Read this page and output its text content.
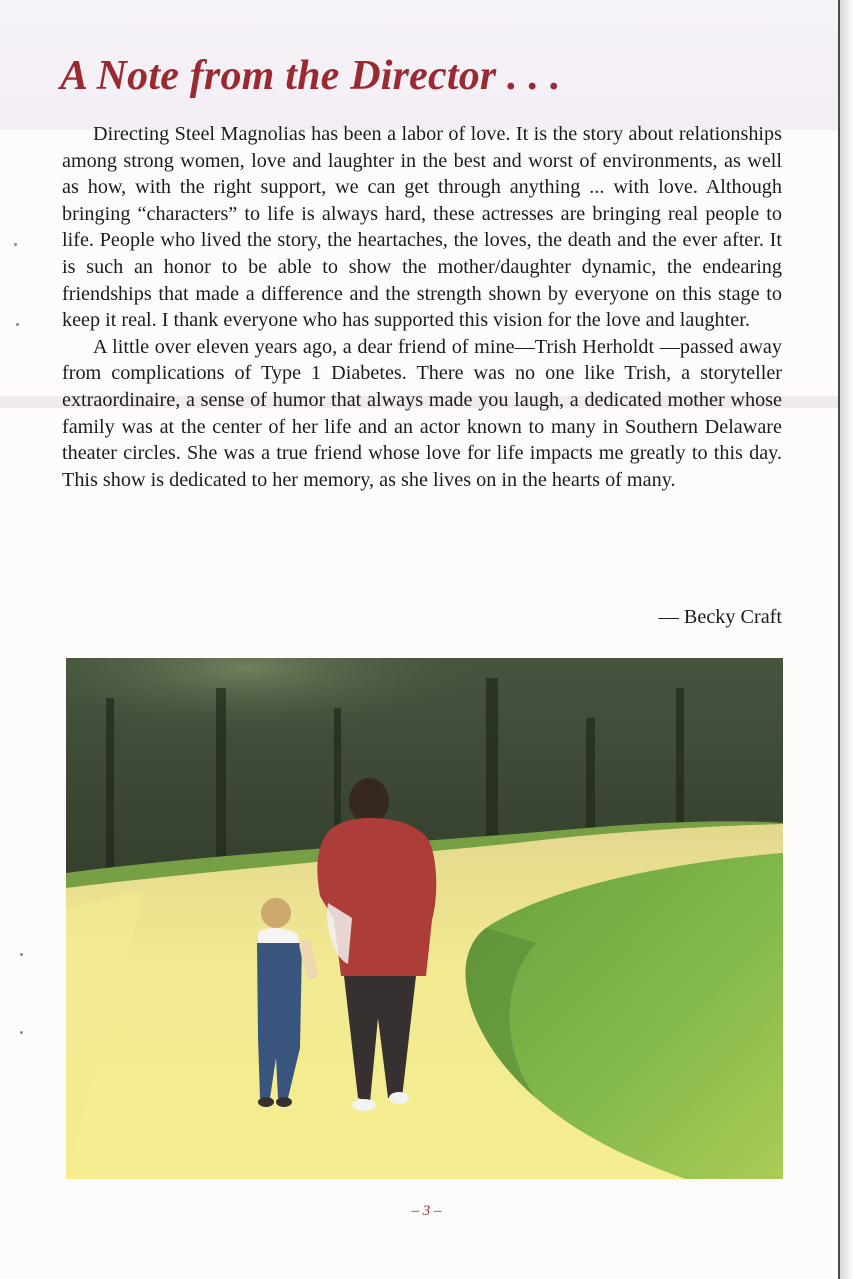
A Note from the Director . . .

Directing Steel Magnolias has been a labor of love. It is the story about relationships among strong women, love and laughter in the best and worst of environments, as well as how, with the right support, we can get through anything ... with love. Although bringing “characters” to life is always hard, these actresses are bringing real people to life. People who lived the story, the heartaches, the loves, the death and the ever after. It is such an honor to be able to show the mother/daughter dynamic, the endearing friendships that made a difference and the strength shown by everyone on this stage to keep it real. I thank everyone who has supported this vision for the love and laughter.

A little over eleven years ago, a dear friend of mine—Trish Herholdt —passed away from complications of Type 1 Diabetes. There was no one like Trish, a storyteller extraordinaire, a sense of humor that always made you laugh, a dedicated mother whose family was at the center of her life and an actor known to many in Southern Delaware theater circles. She was a true friend whose love for life impacts me greatly to this day. This show is dedicated to her memory, as she lives on in the hearts of many.

— Becky Craft
– 3 –
